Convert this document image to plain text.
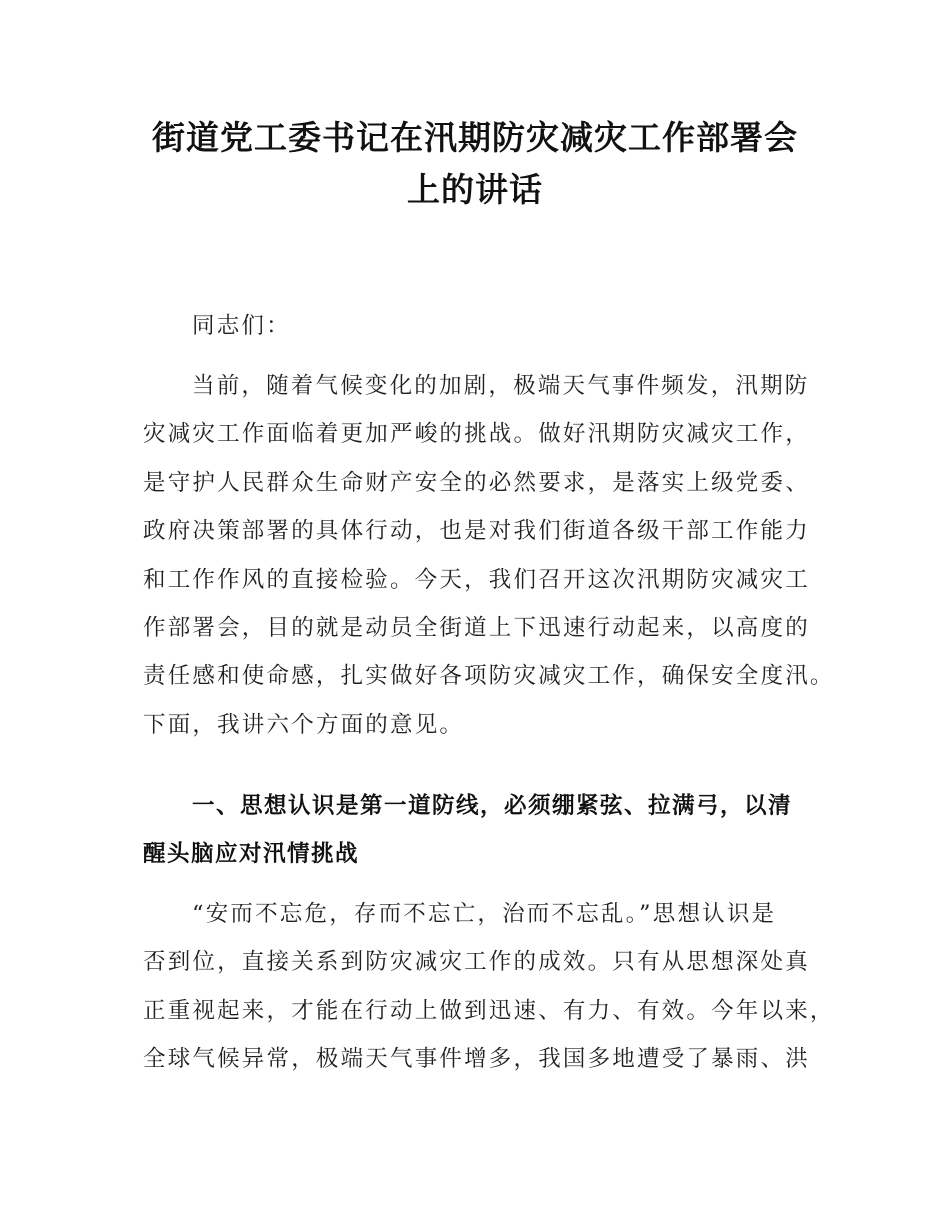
街道党工委书记在汛期防灾减灾工作部署会
上的讲话
同志们：
当前，随着气候变化的加剧，极端天气事件频发，汛期防
灾减灾工作面临着更加严峻的挑战。做好汛期防灾减灾工作，
是守护人民群众生命财产安全的必然要求，是落实上级党委、
政府决策部署的具体行动，也是对我们街道各级干部工作能力
和工作作风的直接检验。今天，我们召开这次汛期防灾减灾工
作部署会，目的就是动员全街道上下迅速行动起来，以高度的
责任感和使命感，扎实做好各项防灾减灾工作，确保安全度汛。
下面，我讲六个方面的意见。
一、思想认识是第一道防线，必须绷紧弦、拉满弓，以清
醒头脑应对汛情挑战
“安而不忘危，存而不忘亡，治而不忘乱。”思想认识是
否到位，直接关系到防灾减灾工作的成效。只有从思想深处真
正重视起来，才能在行动上做到迅速、有力、有效。今年以来，
全球气候异常，极端天气事件增多，我国多地遭受了暴雨、洪
